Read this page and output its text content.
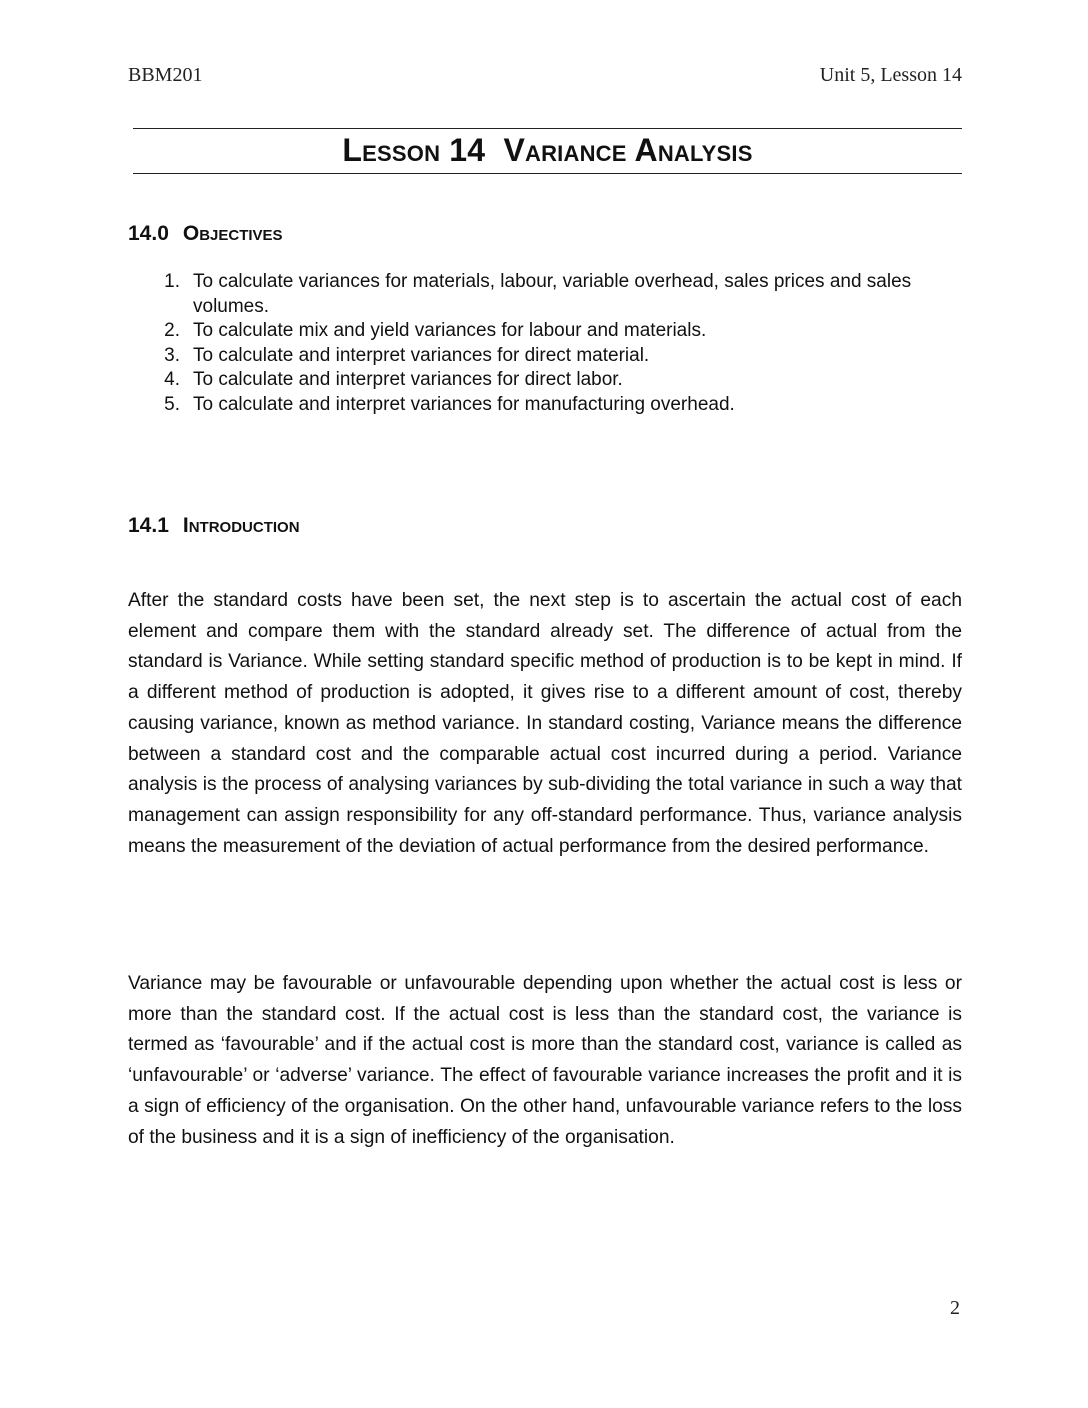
BBM201	Unit 5, Lesson 14
Lesson 14  Variance Analysis
14.0 Objectives
1. To calculate variances for materials, labour, variable overhead, sales prices and sales volumes.
2. To calculate mix and yield variances for labour and materials.
3. To calculate and interpret variances for direct material.
4. To calculate and interpret variances for direct labor.
5. To calculate and interpret variances for manufacturing overhead.
14.1 Introduction

After the standard costs have been set, the next step is to ascertain the actual cost of each element and compare them with the standard already set. The difference of actual from the standard is Variance. While setting standard specific method of production is to be kept in mind. If a different method of production is adopted, it gives rise to a different amount of cost, thereby causing variance, known as method variance. In standard costing, Variance means the difference between a standard cost and the comparable actual cost incurred during a period. Variance analysis is the process of analysing variances by sub-dividing the total variance in such a way that management can assign responsibility for any off-standard performance. Thus, variance analysis means the measurement of the deviation of actual performance from the desired performance.

Variance may be favourable or unfavourable depending upon whether the actual cost is less or more than the standard cost. If the actual cost is less than the standard cost, the variance is termed as ‘favourable’ and if the actual cost is more than the standard cost, variance is called as ‘unfavourable’ or ‘adverse’ variance. The effect of favourable variance increases the profit and it is a sign of efficiency of the organisation. On the other hand, unfavourable variance refers to the loss of the business and it is a sign of inefficiency of the organisation.

2
